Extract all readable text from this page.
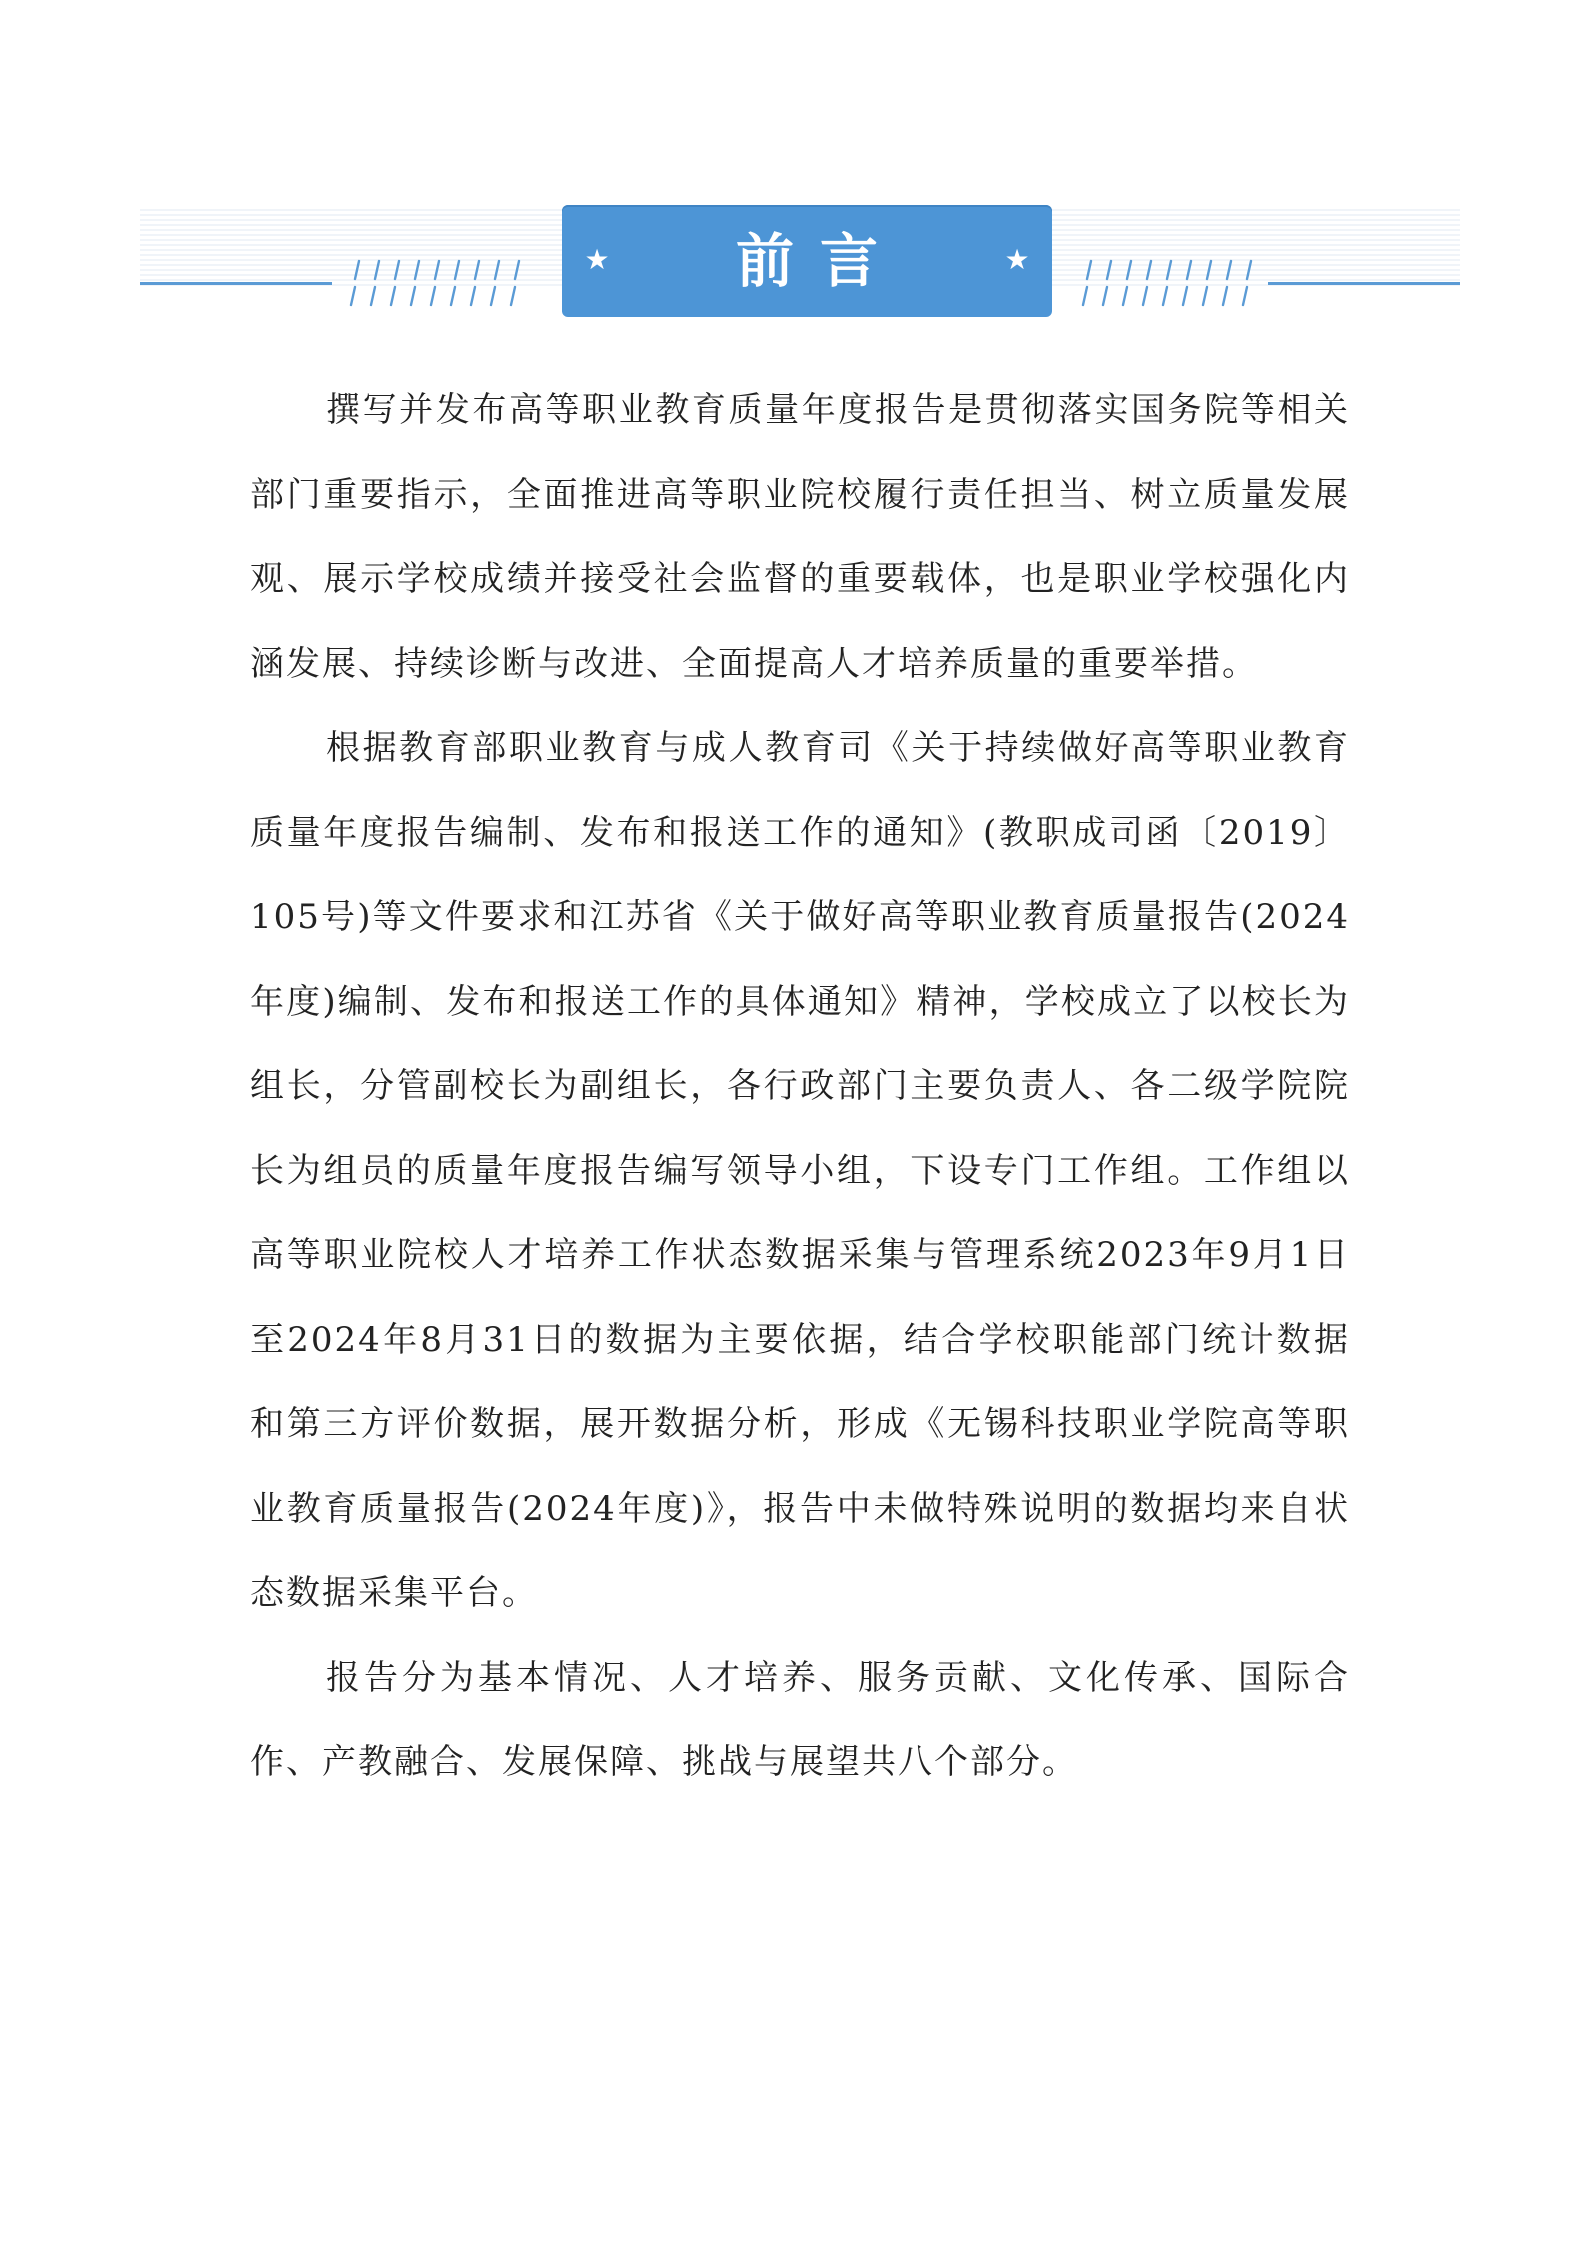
★	前言	★

撰写并发布高等职业教育质量年度报告是贯彻落实国务院等相关部门重要指示，全面推进高等职业院校履行责任担当、树立质量发展观、展示学校成绩并接受社会监督的重要载体，也是职业学校强化内涵发展、持续诊断与改进、全面提高人才培养质量的重要举措。

根据教育部职业教育与成人教育司《关于持续做好高等职业教育质量年度报告编制、发布和报送工作的通知》(教职成司函〔2019〕105号)等文件要求和江苏省《关于做好高等职业教育质量报告(2024年度)编制、发布和报送工作的具体通知》精神，学校成立了以校长为组长，分管副校长为副组长，各行政部门主要负责人、各二级学院院长为组员的质量年度报告编写领导小组，下设专门工作组。工作组以高等职业院校人才培养工作状态数据采集与管理系统2023年9月1日至2024年8月31日的数据为主要依据，结合学校职能部门统计数据和第三方评价数据，展开数据分析，形成《无锡科技职业学院高等职业教育质量报告(2024年度)》，报告中未做特殊说明的数据均来自状态数据采集平台。

报告分为基本情况、人才培养、服务贡献、文化传承、国际合作、产教融合、发展保障、挑战与展望共八个部分。
